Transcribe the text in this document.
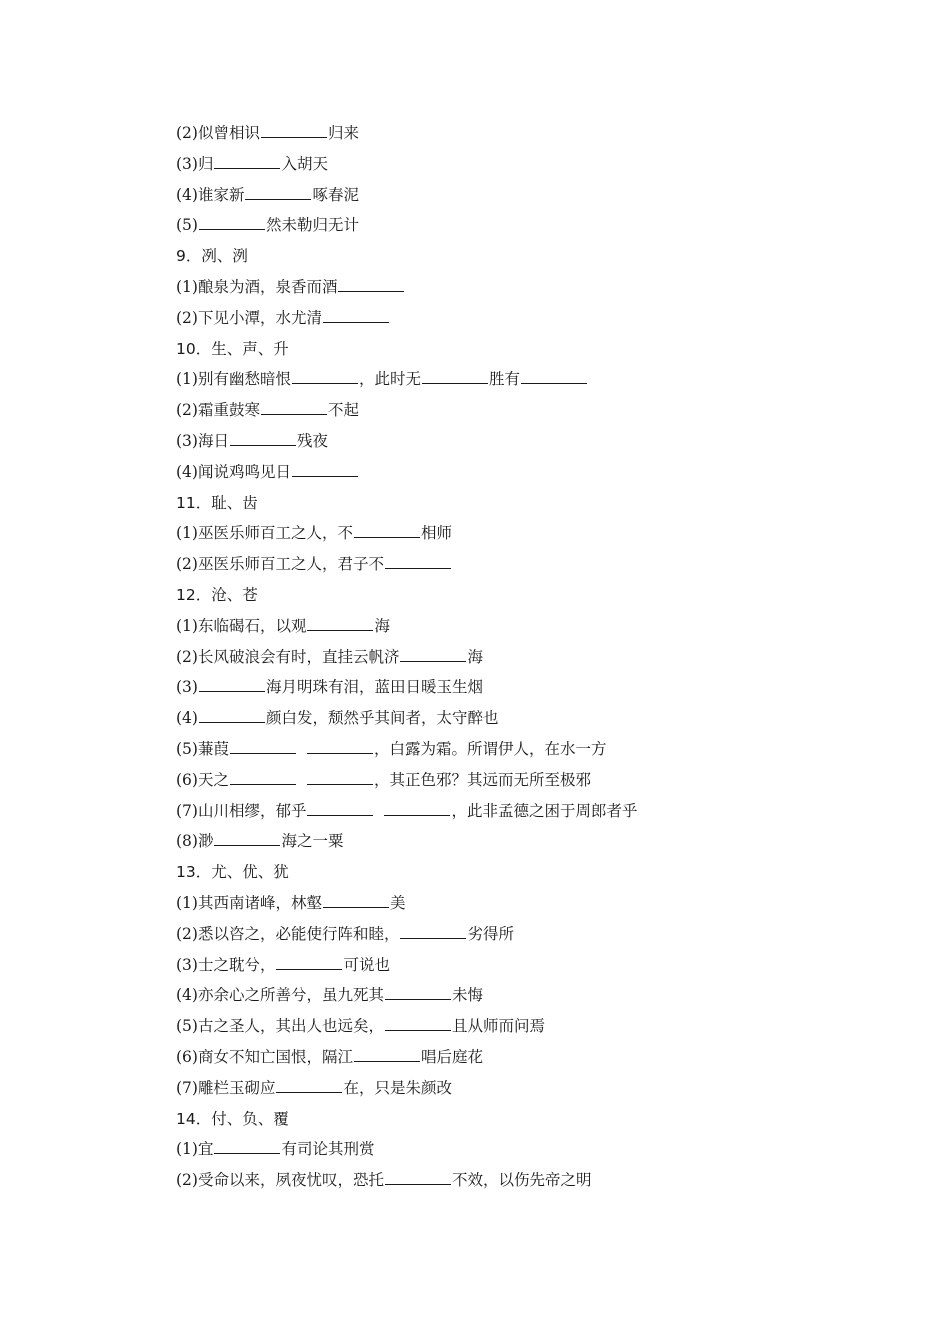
(2)似曾相识	归来
(3)归	入胡天
(4)谁家新	啄春泥
(5)	然未勒归无计
9．冽、洌
(1)酿泉为酒，泉香而酒
(2)下见小潭，水尤清
10．生、声、升
(1)别有幽愁暗恨	，此时无	胜有
(2)霜重鼓寒	不起
(3)海日	残夜
(4)闻说鸡鸣见日
11．耻、齿
(1)巫医乐师百工之人，不	相师
(2)巫医乐师百工之人，君子不
12．沧、苍
(1)东临碣石，以观	海
(2)长风破浪会有时，直挂云帆济	海
(3)	海月明珠有泪，蓝田日暖玉生烟
(4)	颜白发，颓然乎其间者，太守醉也
(5)蒹葭	，白露为霜。所谓伊人，在水一方
(6)天之	，其正色邪？其远而无所至极邪
(7)山川相缪，郁乎	，此非孟德之困于周郎者乎
(8)渺	海之一粟
13．尤、优、犹
(1)其西南诸峰，林壑	美
(2)悉以咨之，必能使行阵和睦，	劣得所
(3)士之耽兮，	可说也
(4)亦余心之所善兮，虽九死其	未悔
(5)古之圣人，其出人也远矣，	且从师而问焉
(6)商女不知亡国恨，隔江	唱后庭花
(7)雕栏玉砌应	在，只是朱颜改
14．付、负、覆
(1)宜	有司论其刑赏
(2)受命以来，夙夜忧叹，恐托	不效，以伤先帝之明
